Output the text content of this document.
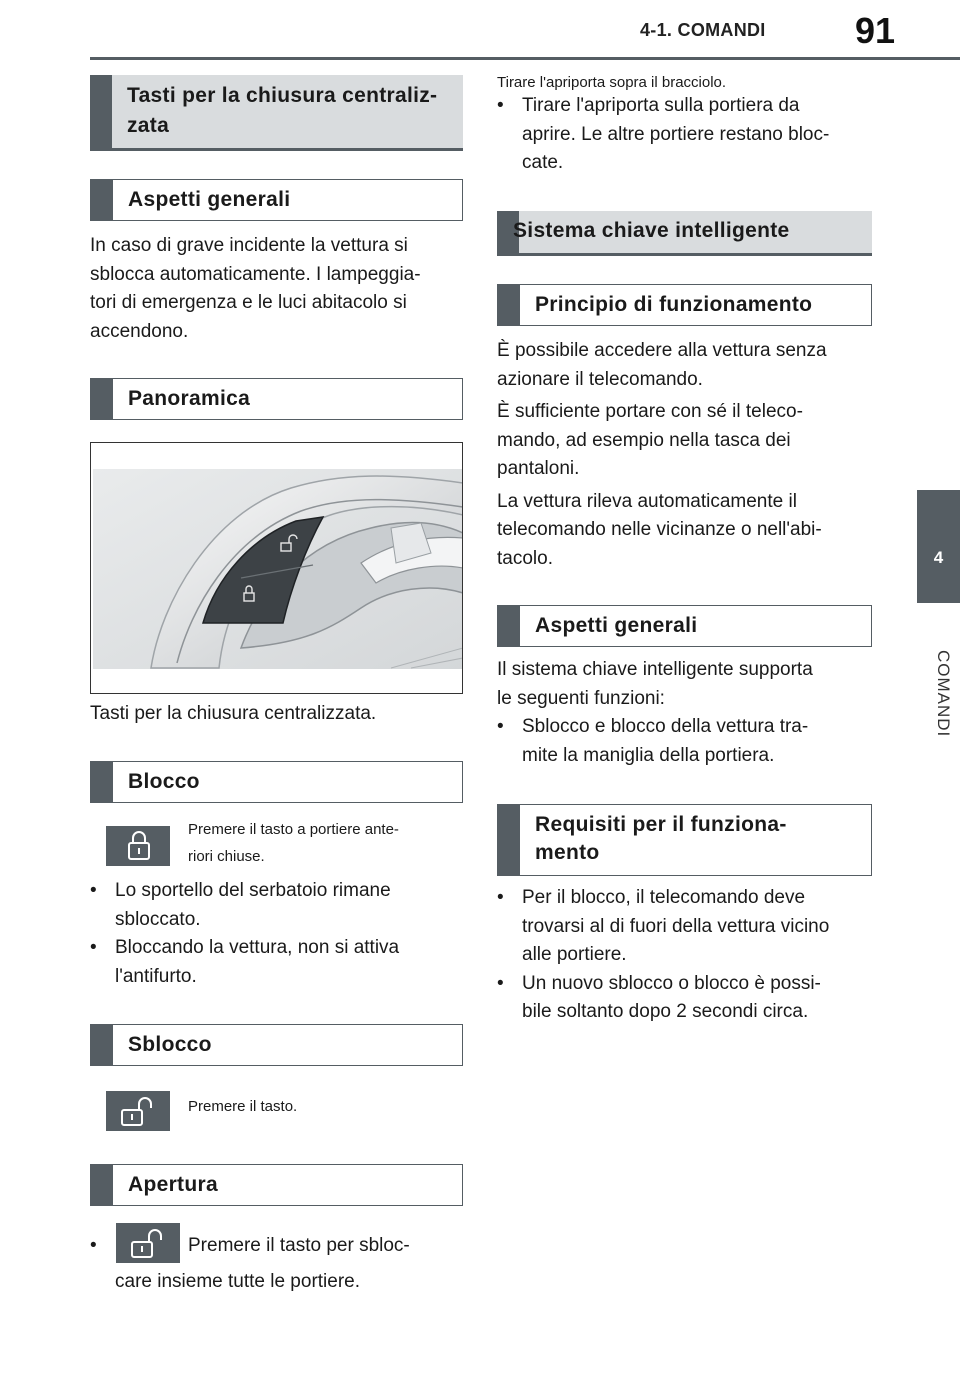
4-1. COMANDI 91
4
COMANDI
Tasti per la chiusura centraliz-
zata
Aspetti generali
In caso di grave incidente la vettura si
sblocca automaticamente. I lampeggia-
tori di emergenza e le luci abitacolo si
accendono.
Panoramica
Tasti per la chiusura centralizzata.
Blocco
Premere il tasto a portiere ante-
riori chiuse.
• Lo sportello del serbatoio rimane
sbloccato.
• Bloccando la vettura, non si attiva
l'antifurto.
Sblocco
Premere il tasto.
Apertura
•	Premere il tasto per sbloc-
care insieme tutte le portiere.
Tirare l'apriporta sopra il bracciolo.
• Tirare l'apriporta sulla portiera da
aprire. Le altre portiere restano bloc-
cate.
Sistema chiave intelligente
Principio di funzionamento
È possibile accedere alla vettura senza
azionare il telecomando.
È sufficiente portare con sé il teleco-
mando, ad esempio nella tasca dei
pantaloni.
La vettura rileva automaticamente il
telecomando nelle vicinanze o nell'abi-
tacolo.
Aspetti generali
Il sistema chiave intelligente supporta
le seguenti funzioni:
• Sblocco e blocco della vettura tra-
mite la maniglia della portiera.
Requisiti per il funziona-
mento
• Per il blocco, il telecomando deve
trovarsi al di fuori della vettura vicino
alle portiere.
• Un nuovo sblocco o blocco è possi-
bile soltanto dopo 2 secondi circa.
